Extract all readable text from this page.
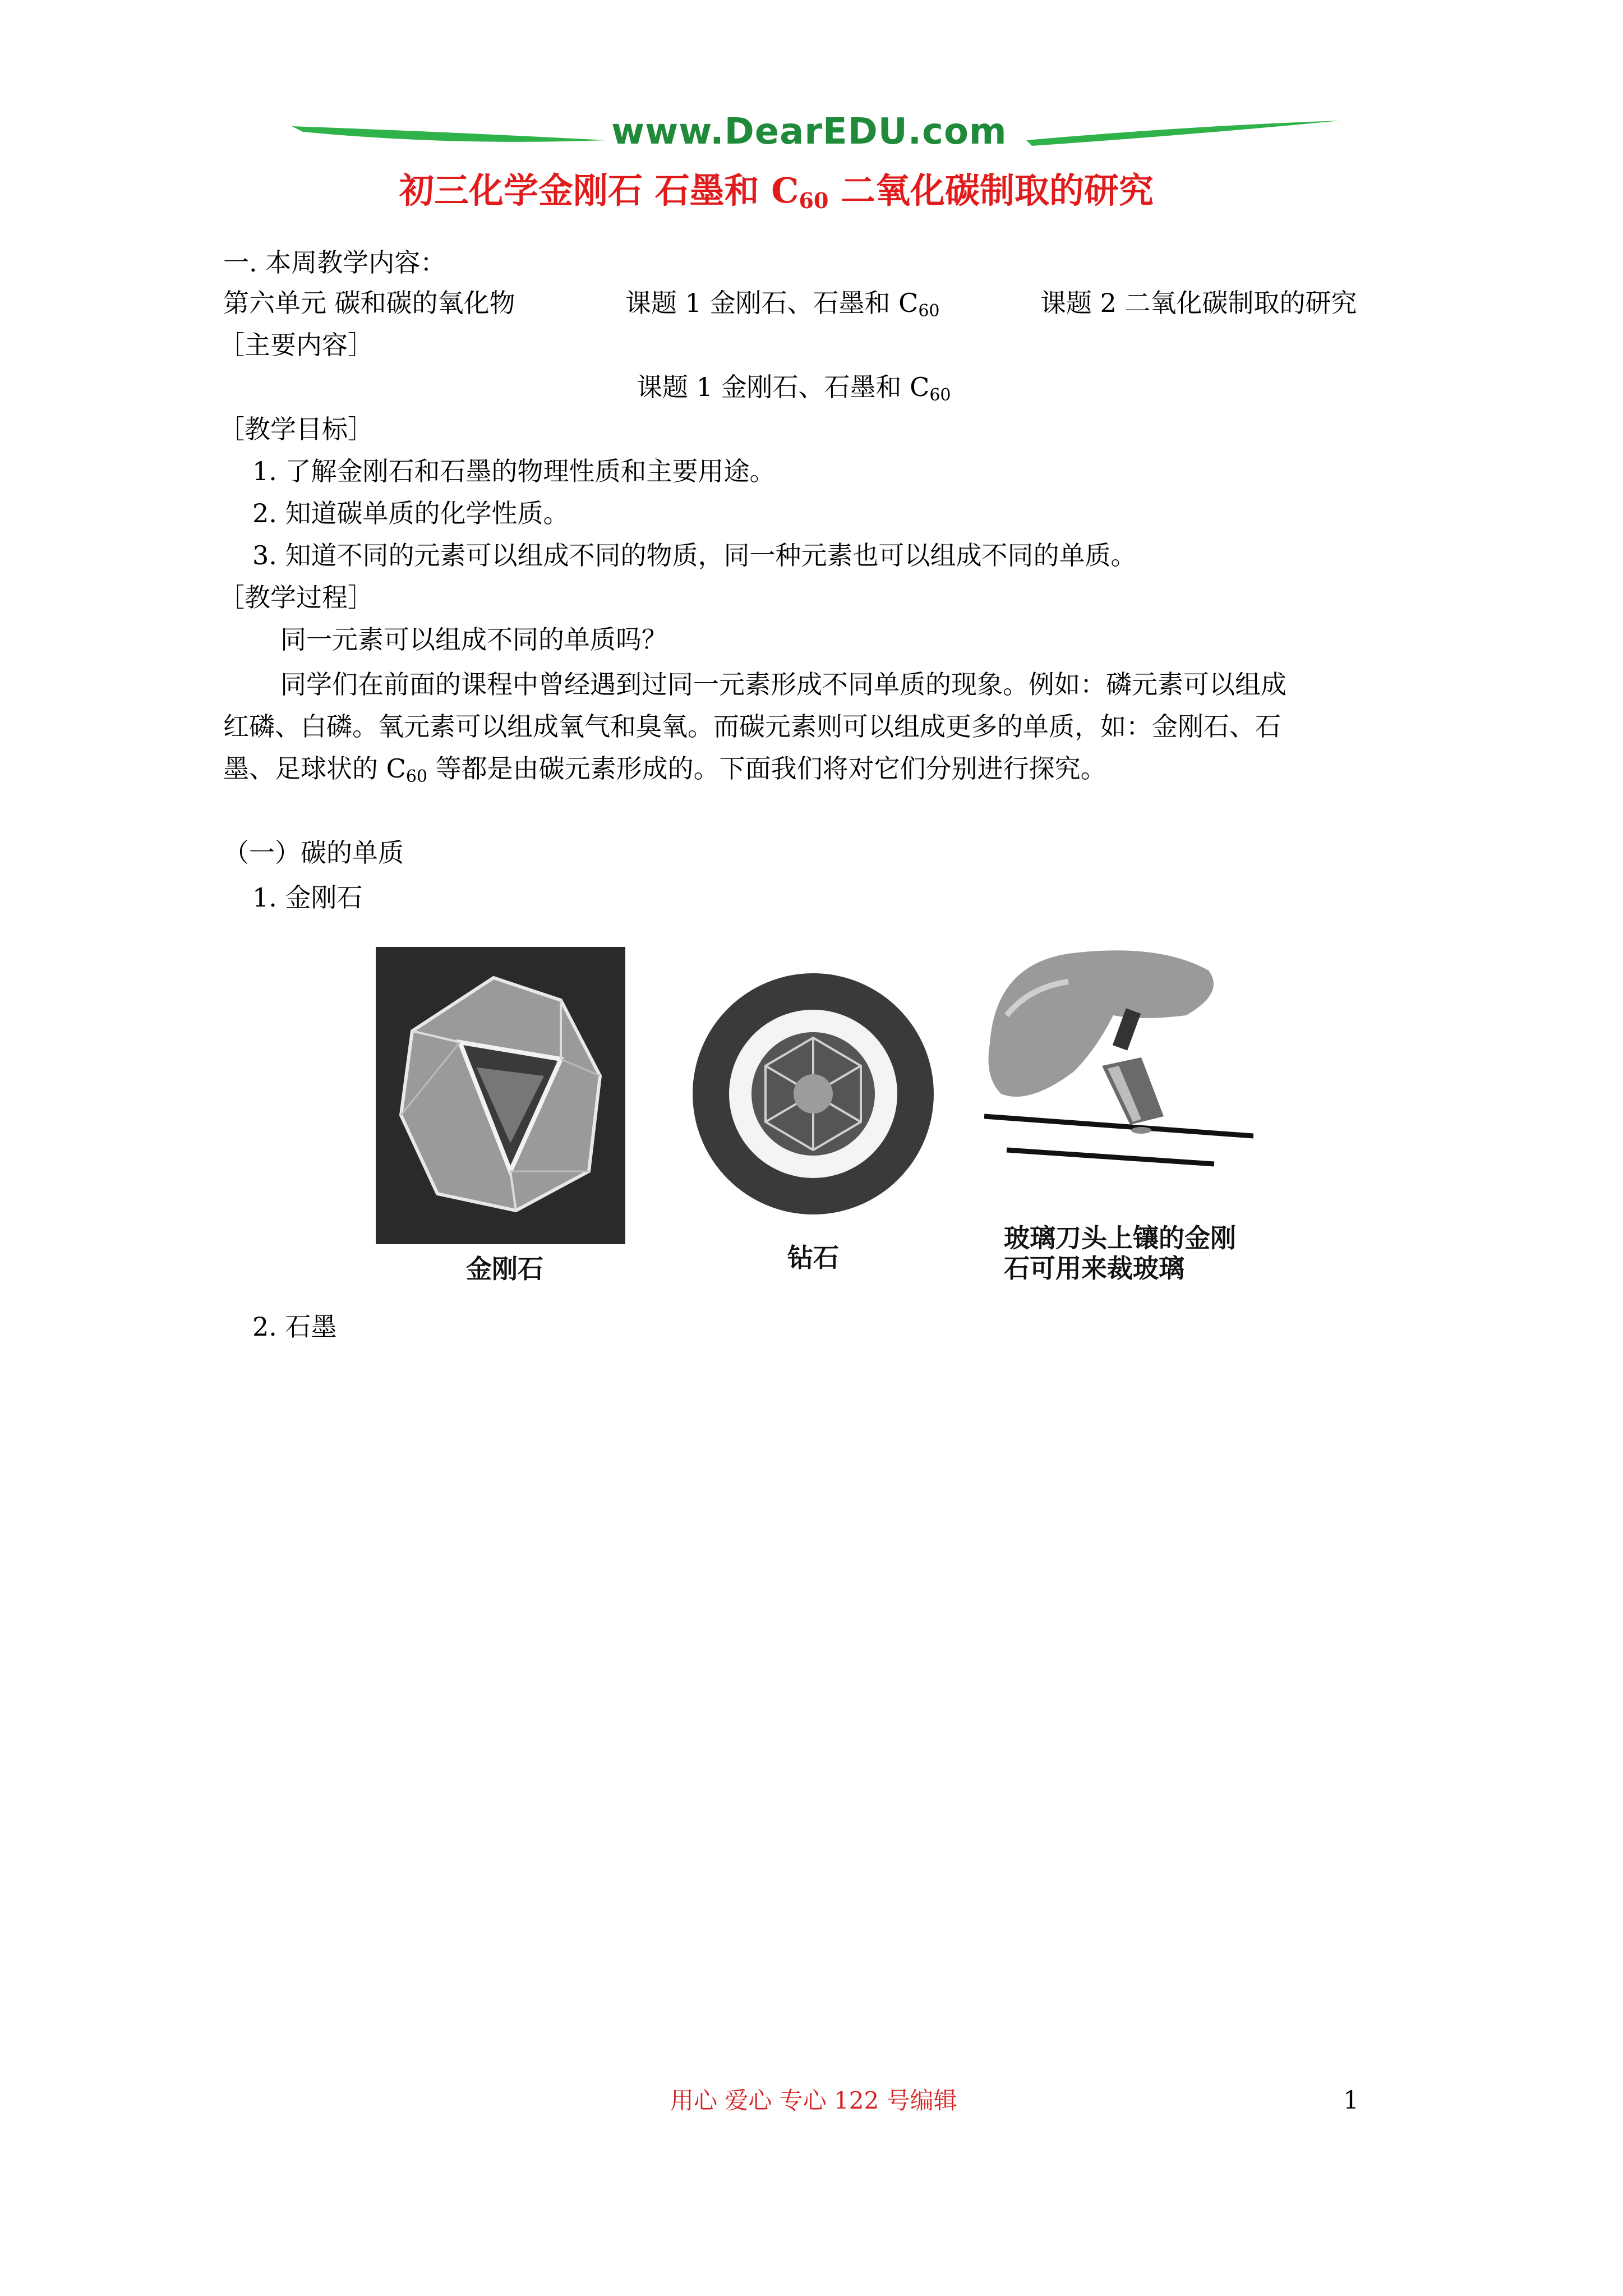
www.DearEDU.com
初三化学金刚石 石墨和 $C_{60}$ 二氧化碳制取的研究
一. 本周教学内容：
第六单元 碳和碳的氧化物	课题 1 金刚石、石墨和 $C_{60}$	课题 2 二氧化碳制取的研究
［主要内容］
课题 1 金刚石、石墨和 $C_{60}$
［教学目标］
1. 了解金刚石和石墨的物理性质和主要用途。
2. 知道碳单质的化学性质。
3. 知道不同的元素可以组成不同的物质，同一种元素也可以组成不同的单质。
［教学过程］
同一元素可以组成不同的单质吗？
同学们在前面的课程中曾经遇到过同一元素形成不同单质的现象。例如：磷元素可以组成
红磷、白磷。氧元素可以组成氧气和臭氧。而碳元素则可以组成更多的单质，如：金刚石、石
墨、足球状的 $C_{60}$ 等都是由碳元素形成的。下面我们将对它们分别进行探究。
（一）碳的单质
1. 金刚石
金刚石	钻石
玻璃刀头上镶的金刚
石可用来裁玻璃
2. 石墨
用心 爱心 专心 122 号编辑	1
